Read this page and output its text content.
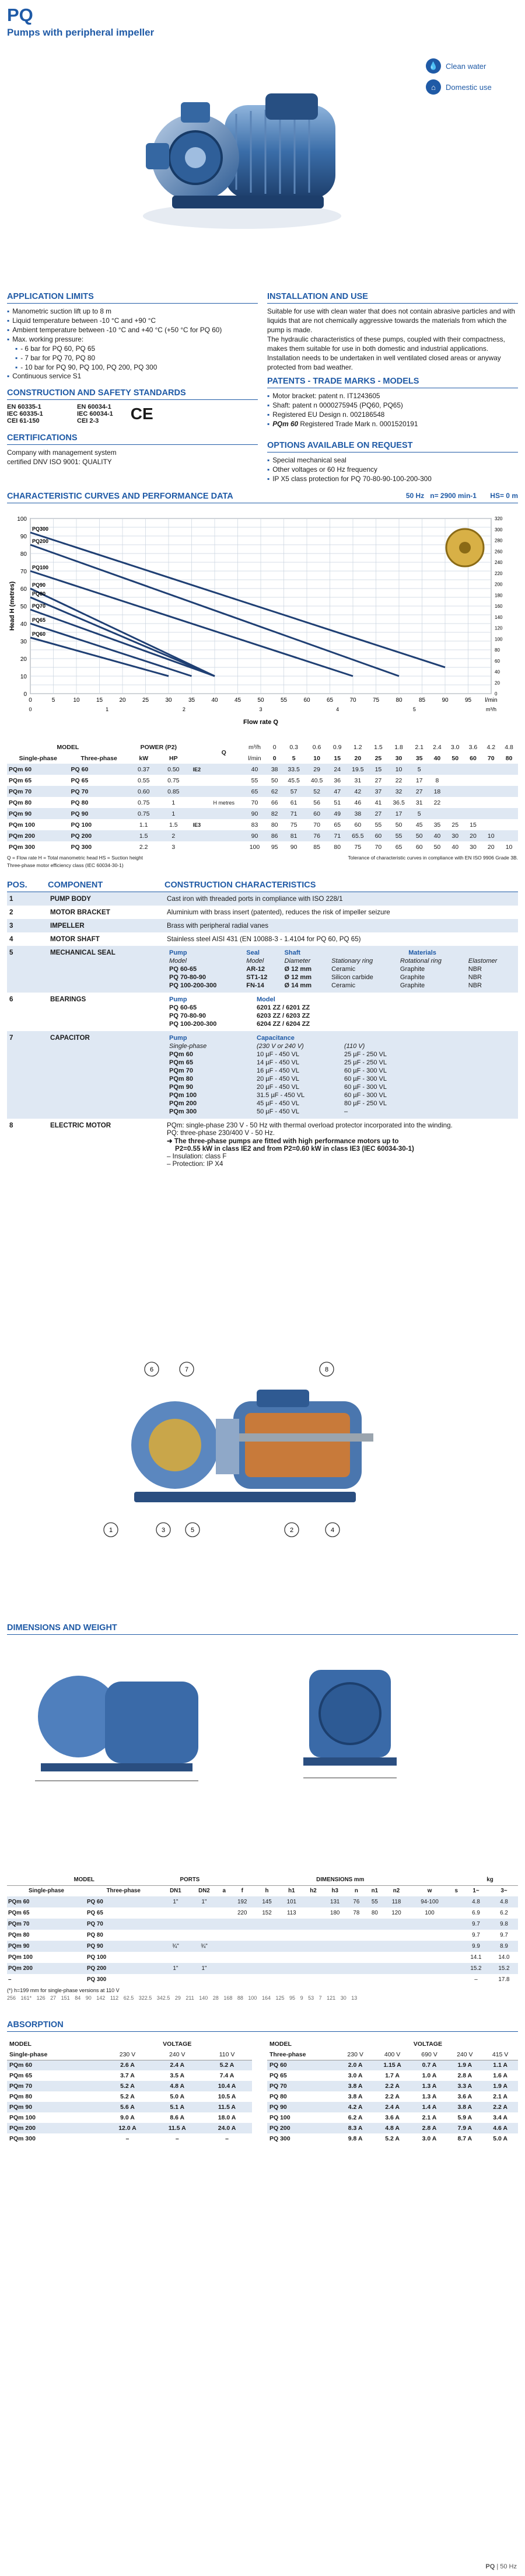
PQ
Pumps with peripheral impeller
💧 Clean water
⌂	Domestic use
APPLICATION LIMITS
▪ Manometric suction lift up to 8 m
▪ Liquid temperature between -10 °C and +90 °C
▪ Ambient temperature between -10 °C and +40 °C (+50 °C for PQ 60)
▪ Max. working pressure:
▪ - 6 bar for PQ 60, PQ 65
▪ - 7 bar for PQ 70, PQ 80
▪ - 10 bar for PQ 90, PQ 100, PQ 200, PQ 300
▪ Continuous service S1
INSTALLATION AND USE

Suitable for use with clean water that does not contain abrasive particles and with liquids that are not chemically aggressive towards the materials from which the pump is made.

The hydraulic characteristics of these pumps, coupled with their compactness, makes them suitable for use in both domestic and industrial applications.

Installation needs to be undertaken in well ventilated closed areas or anyway protected from bad weather.

CONSTRUCTION AND SAFETY STANDARDS
EN 60335-1	EN 60034-1
IEC 60335-1	IEC 60034-1
CEI 61-150	CEI 2-3 CE
PATENTS - TRADE MARKS - MODELS
▪ Motor bracket: patent n. IT1243605
▪ Shaft: patent n 0000275945 (PQ60, PQ65)
▪ Registered EU Design n. 002186548
▪ PQm 60 Registered Trade Mark n. 0001520191
CERTIFICATIONS

Company with management system certified DNV ISO 9001: QUALITY

OPTIONS AVAILABLE ON REQUEST
▪ Special mechanical seal
▪ Other voltages or 60 Hz frequency
▪ IP X5 class protection for PQ 70-80-90-100-200-300
CHARACTERISTIC CURVES AND PERFORMANCE DATA	50 Hz n= 2900 min-1 HS= 0 m
0
10
20
30
40
50
60
70
80
90
100
0
20
40
60
80
100
120
140
160
180
200
220
240
260
280
300
320
0	5	10	15	20	25	30	35	40	45	50	55	60	65	70	75	80	85	90	95 l/min
0	1	2	3	4	5	m³/h
Head H (metres)
Flow rate Q
PQ300
PQ200
PQ100
PQ90
PQ80
PQ70
PQ65
PQ60
MODEL		POWER (P2)			Q	m³/h	0	0.3	0.6	0.9	1.2	1.5	1.8	2.1	2.4	3.0	3.6	4.2	4.8
Single-phase	Three-phase	kW	HP			l/min	0	5	10	15	20	25	30	35	40	50	60	70	80
PQm 60	PQ 60	0.37	0.50	IE2		40	38	33.5	29	24	19.5	15	10	5					
PQm 65	PQ 65	0.55	0.75			55	50	45.5	40.5	36	31	27	22	17	8				
PQm 70	PQ 70	0.60	0.85			65	62	57	52	47	42	37	32	27	18				
PQm 80	PQ 80	0.75	1		H metres	70	66	61	56	51	46	41	36.5	31	22				
PQm 90	PQ 90	0.75	1			90	82	71	60	49	38	27	17	5					
PQm 100	PQ 100	1.1	1.5	IE3		83	80	75	70	65	60	55	50	45	35	25	15		
PQm 200	PQ 200	1.5	2			90	86	81	76	71	65.5	60	55	50	40	30	20	10	
PQm 300	PQ 300	2.2	3			100	95	90	85	80	75	70	65	60	50	40	30	20	10
Q = Flow rate H = Total manometric head HS = Suction height	Tolerance of characteristic curves in compliance with EN ISO 9906 Grade 3B.
Three-phase motor efficiency class (IEC 60034-30-1)
POS.	COMPONENT	CONSTRUCTION CHARACTERISTICS
1	PUMP BODY	Cast iron with threaded ports in compliance with ISO 228/1
2	MOTOR BRACKET	Aluminium with brass insert (patented), reduces the risk of impeller seizure
3	IMPELLER	Brass with peripheral radial vanes
4	MOTOR SHAFT	Stainless steel AISI 431 (EN 10088-3 - 1.4104 for PQ 60, PQ 65)
5	MECHANICAL SEAL		Pump	Seal	Shaft	Materials
Model	Model	Diameter	Stationary ring	Rotational ring	Elastomer
PQ 60-65	AR-12	Ø 12 mm	Ceramic	Graphite	NBR
PQ 70-80-90	ST1-12	Ø 12 mm	Silicon carbide	Graphite	NBR
PQ 100-200-300	FN-14	Ø 14 mm	Ceramic	Graphite	NBR

6	BEARINGS		Pump	Model
PQ 60-65	6201 ZZ / 6201 ZZ
PQ 70-80-90	6203 ZZ / 6203 ZZ
PQ 100-200-300	6204 ZZ / 6204 ZZ

7	CAPACITOR		Pump	Capacitance
Single-phase	(230 V or 240 V)	(110 V)
PQm 60	10 µF - 450 VL	25 µF - 250 VL
PQm 65	14 µF - 450 VL	25 µF - 250 VL
PQm 70	16 µF - 450 VL	60 µF - 300 VL
PQm 80	20 µF - 450 VL	60 µF - 300 VL
PQm 90	20 µF - 450 VL	60 µF - 300 VL
PQm 100	31.5 µF - 450 VL	60 µF - 300 VL
PQm 200	45 µF - 450 VL	80 µF - 250 VL
PQm 300	50 µF - 450 VL	–

8	ELECTRIC MOTOR	PQm: single-phase 230 V - 50 Hz with thermal overload protector incorporated into the winding.
PQ: three-phase 230/400 V - 50 Hz.
➜ The three-phase pumps are fitted with high performance motors up to
P2=0.55 kW in class IE2 and from P2=0.60 kW in class IE3 (IEC 60034-30-1)
– Insulation: class F
– Protection: IP X4
6	7	8
1	3	5	2	4
DIMENSIONS AND WEIGHT
MODEL		PORTS		DIMENSIONS mm											kg	
Single-phase	Three-phase	DN1	DN2	a	f	h	h1	h2	h3	n	n1	n2	w	s	1~	3~
PQm 60	PQ 60	1"	1"		192	145	101		131	76	55	118	94-100		4.8	4.8
PQm 65	PQ 65				220	152	113		180	78	80	120	100		6.9	6.2
PQm 70	PQ 70														9.7	9.8
PQm 80	PQ 80														9.7	9.7
PQm 90	PQ 90	¾"	¾"												9.9	8.9
PQm 100	PQ 100														14.1	14.0
PQm 200	PQ 200	1"	1"												15.2	15.2
–	PQ 300														–	17.8
(*) h=199 mm for single-phase versions at 110 V
256 161* 126 27 151 84 90 142 112 62.5 322.5 342.5 29 211 140 28 168 88 100 164 125 95 9 53 7 121 30 13
ABSORPTION
MODEL	VOLTAGE		
Single-phase	230 V	240 V	110 V
PQm 60	2.6 A	2.4 A	5.2 A
PQm 65	3.7 A	3.5 A	7.4 A
PQm 70	5.2 A	4.8 A	10.4 A
PQm 80	5.2 A	5.0 A	10.5 A
PQm 90	5.6 A	5.1 A	11.5 A
PQm 100	9.0 A	8.6 A	18.0 A
PQm 200	12.0 A	11.5 A	24.0 A
PQm 300	–	–	–
MODEL	VOLTAGE				
Three-phase	230 V	400 V	690 V	240 V	415 V
PQ 60	2.0 A	1.15 A	0.7 A	1.9 A	1.1 A
PQ 65	3.0 A	1.7 A	1.0 A	2.8 A	1.6 A
PQ 70	3.8 A	2.2 A	1.3 A	3.3 A	1.9 A
PQ 80	3.8 A	2.2 A	1.3 A	3.6 A	2.1 A
PQ 90	4.2 A	2.4 A	1.4 A	3.8 A	2.2 A
PQ 100	6.2 A	3.6 A	2.1 A	5.9 A	3.4 A
PQ 200	8.3 A	4.8 A	2.8 A	7.9 A	4.6 A
PQ 300	9.8 A	5.2 A	3.0 A	8.7 A	5.0 A
PQ | 50 Hz
